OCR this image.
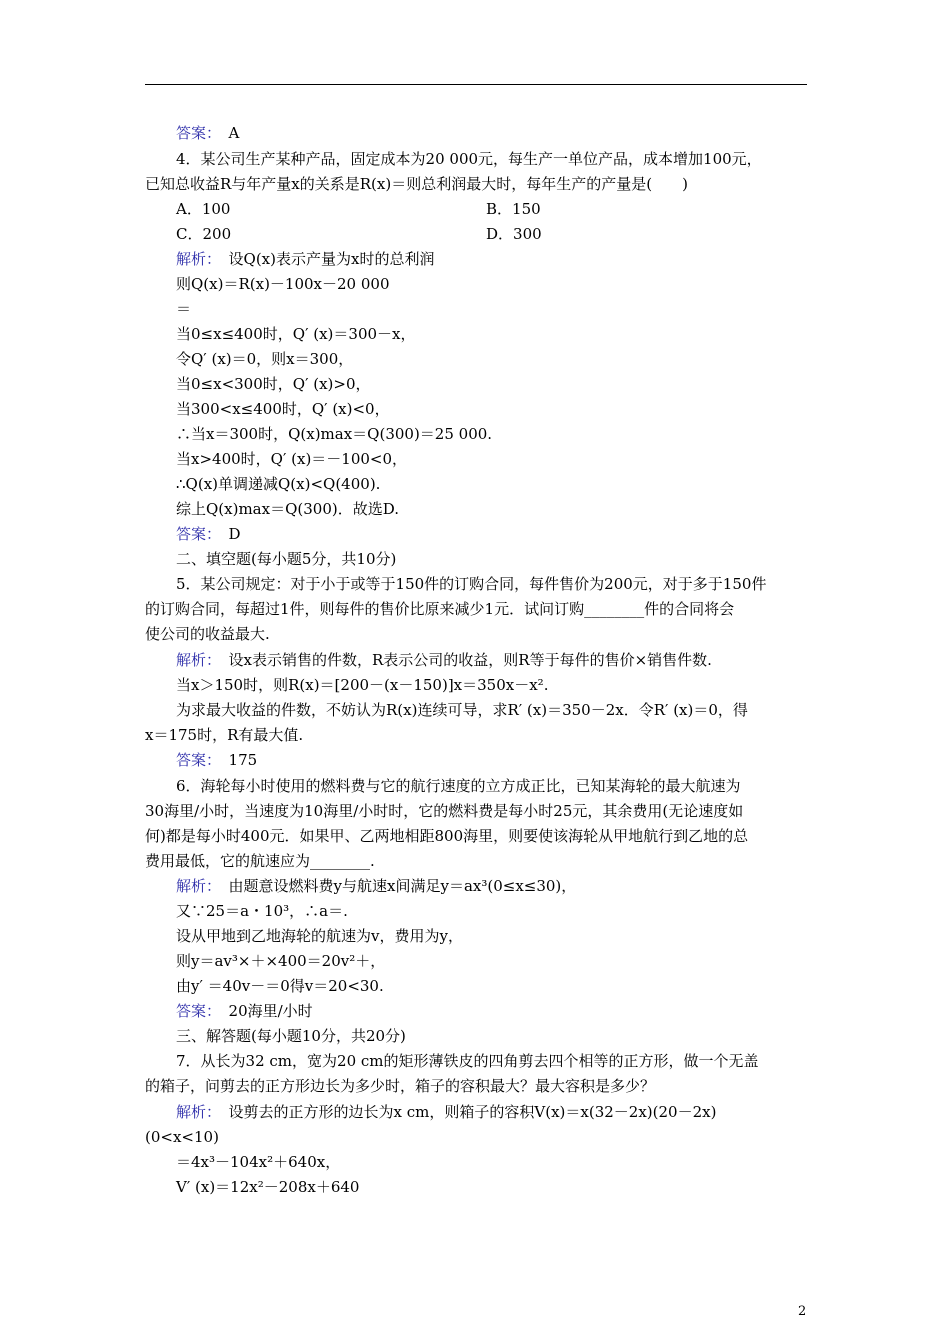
答案：　 A
4．某公司生产某种产品，固定成本为20 000元，每生产一单位产品，成本增加100元，
已知总收益R与年产量x的关系是R(x)＝则总利润最大时，每年生产的产量是(　　)
A．100	B．150
C．200	D．300
解析：　 设Q(x)表示产量为x时的总利润
则Q(x)＝R(x)－100x－20 000
＝
当0≤x≤400时，Q′ (x)＝300－x，
令Q′ (x)＝0，则x＝300，
当0≤x<300时，Q′ (x)>0，
当300<x≤400时，Q′ (x)<0，
∴当x＝300时，Q(x)max＝Q(300)＝25 000.
当x>400时，Q′ (x)＝－100<0，
∴Q(x)单调递减Q(x)<Q(400).
综上Q(x)max＝Q(300)．故选D.
答案：　 D
二、填空题(每小题5分，共10分)
5．某公司规定：对于小于或等于150件的订购合同，每件售价为200元，对于多于150件
的订购合同，每超过1件，则每件的售价比原来减少1元．试问订购________件的合同将会
使公司的收益最大.
解析：　 设x表示销售的件数，R表示公司的收益，则R等于每件的售价×销售件数.
当x＞150时，则R(x)＝[200－(x－150)]x＝350x－x².
为求最大收益的件数，不妨认为R(x)连续可导，求R′ (x)＝350－2x．令R′ (x)＝0，得
x＝175时，R有最大值.
答案：　 175
6．海轮每小时使用的燃料费与它的航行速度的立方成正比，已知某海轮的最大航速为
30海里/小时，当速度为10海里/小时时，它的燃料费是每小时25元，其余费用(无论速度如
何)都是每小时400元．如果甲、乙两地相距800海里，则要使该海轮从甲地航行到乙地的总
费用最低，它的航速应为________.
解析：　 由题意设燃料费y与航速x间满足y＝ax³(0≤x≤30)，
又∵25＝a・10³，∴a＝.
设从甲地到乙地海轮的航速为v，费用为y，
则y＝av³×＋×400＝20v²＋，
由y′ ＝40v－＝0得v＝20<30.
答案：　 20海里/小时
三、解答题(每小题10分，共20分)
7．从长为32 cm，宽为20 cm的矩形薄铁皮的四角剪去四个相等的正方形，做一个无盖
的箱子，问剪去的正方形边长为多少时，箱子的容积最大？最大容积是多少？
解析：　 设剪去的正方形的边长为x cm，则箱子的容积V(x)＝x(32－2x)(20－2x)
(0<x<10)
＝4x³－104x²＋640x，
V′ (x)＝12x²－208x＋640
2
